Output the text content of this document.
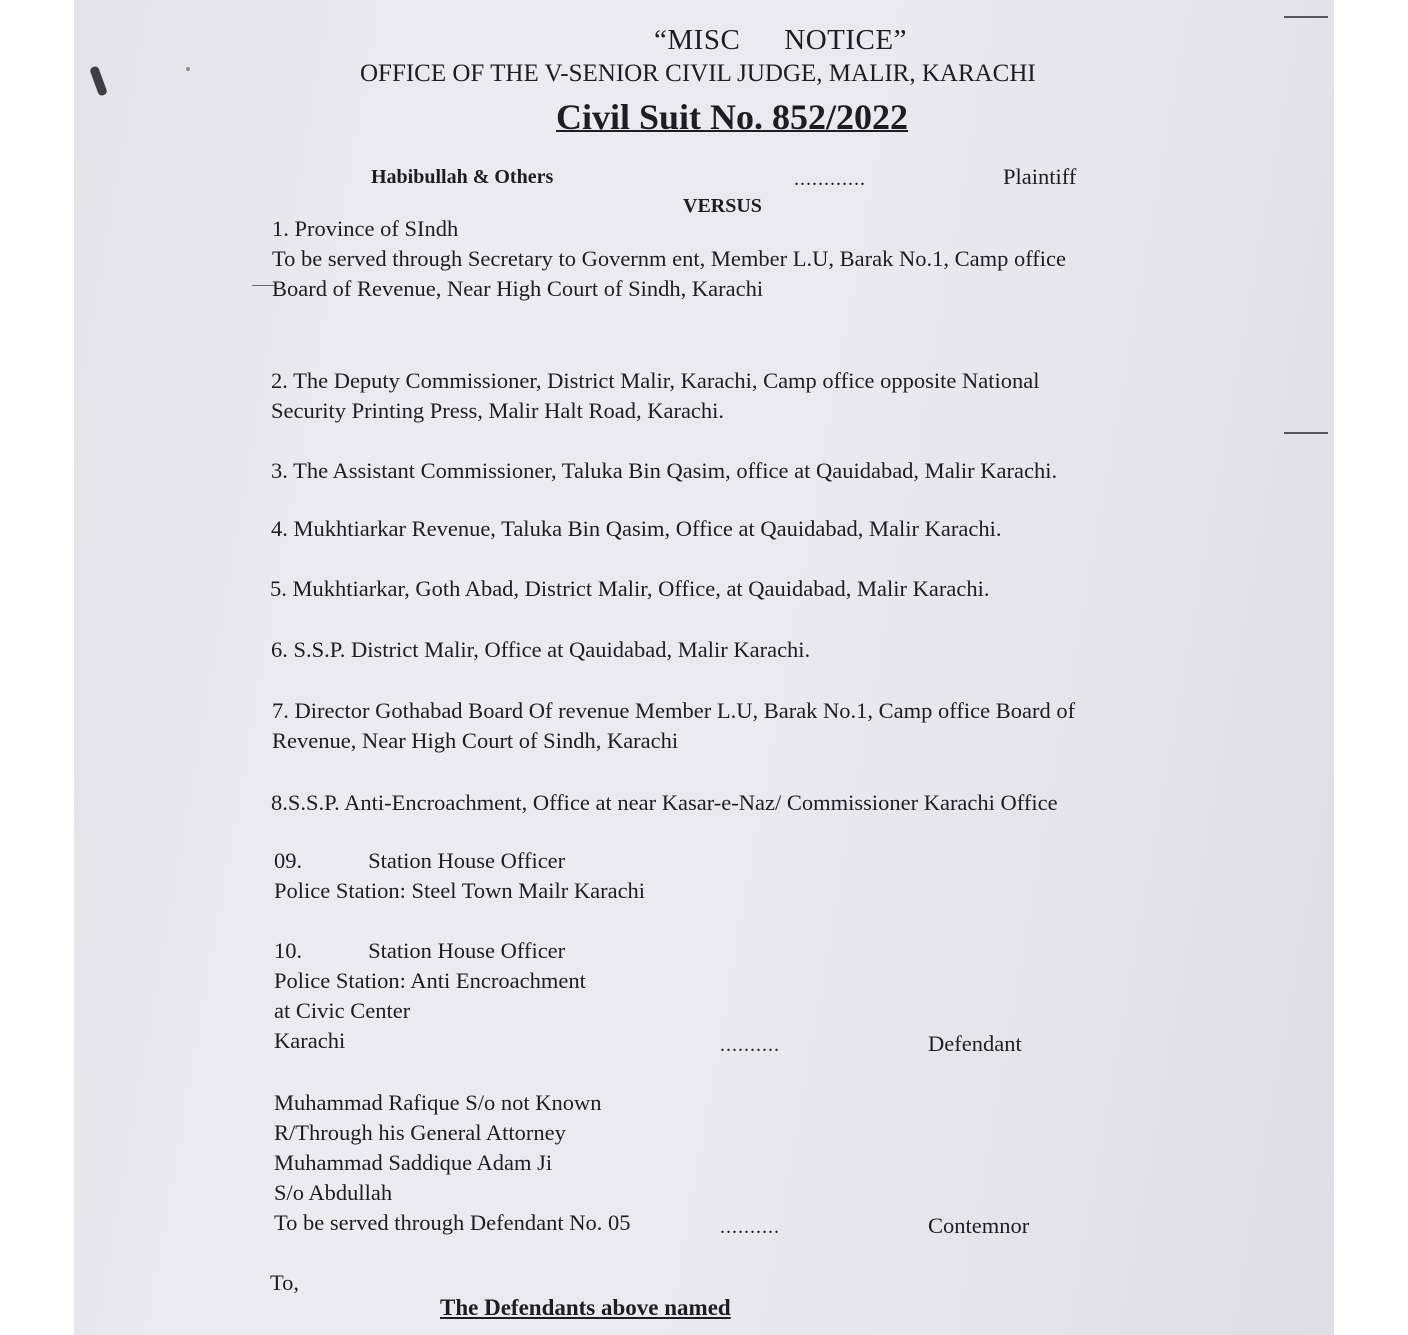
“MISC NOTICE”
OFFICE OF THE V-SENIOR CIVIL JUDGE, MALIR, KARACHI
Civil Suit No. 852/2022
Habibullah & Others	............	Plaintiff
VERSUS
1. Province of SIndh
To be served through Secretary to Governm ent, Member L.U, Barak No.1, Camp office
Board of Revenue, Near High Court of Sindh, Karachi
2. The Deputy Commissioner, District Malir, Karachi, Camp office opposite National
Security Printing Press, Malir Halt Road, Karachi.
3. The Assistant Commissioner, Taluka Bin Qasim, office at Qauidabad, Malir Karachi.
4. Mukhtiarkar Revenue, Taluka Bin Qasim, Office at Qauidabad, Malir Karachi.
5. Mukhtiarkar, Goth Abad, District Malir, Office, at Qauidabad, Malir Karachi.
6. S.S.P. District Malir, Office at Qauidabad, Malir Karachi.
7. Director Gothabad Board Of revenue Member L.U, Barak No.1, Camp office Board of
Revenue, Near High Court of Sindh, Karachi
8.S.S.P. Anti-Encroachment, Office at near Kasar-e-Naz/ Commissioner Karachi Office
09.	Station House Officer
Police Station: Steel Town Mailr Karachi
10.	Station House Officer
Police Station: Anti Encroachment
at Civic Center
Karachi	..........	Defendant
Muhammad Rafique S/o not Known
R/Through his General Attorney
Muhammad Saddique Adam Ji
S/o Abdullah
To be served through Defendant No. 05	..........	Contemnor
To,
The Defendants above named
